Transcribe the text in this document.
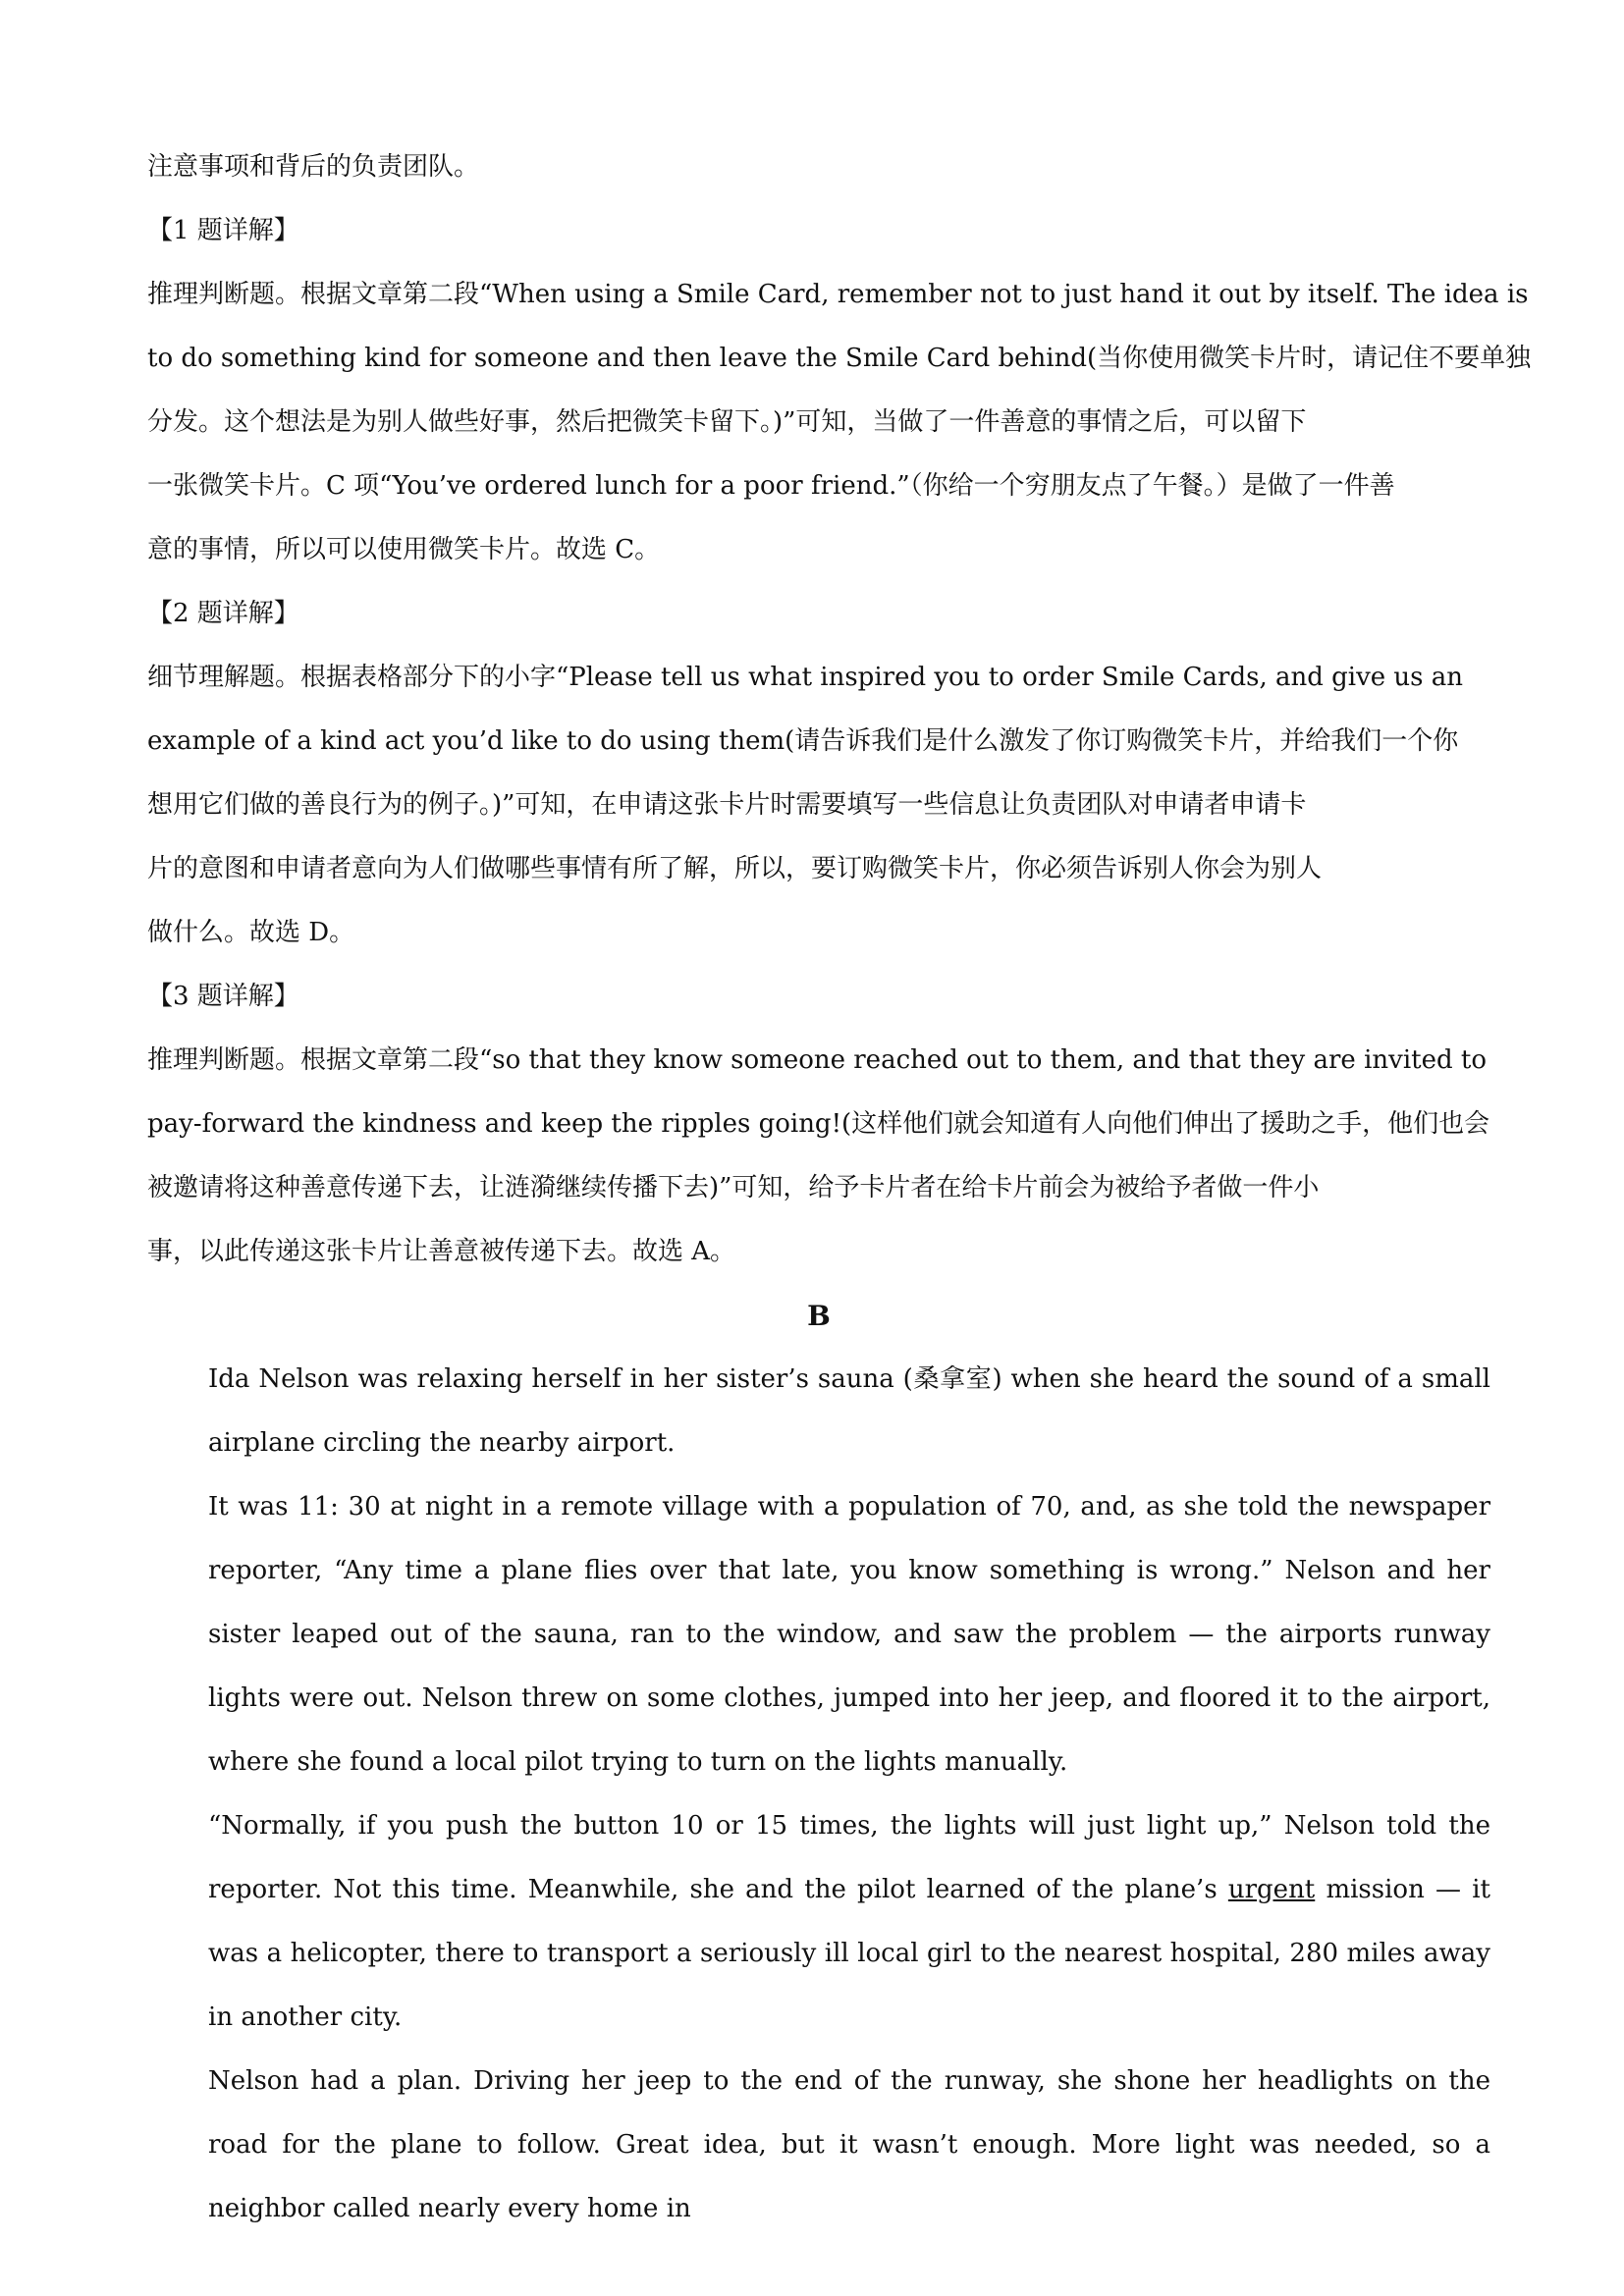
注意事项和背后的负责团队。

【1 题详解】

推理判断题。根据文章第二段“When using a Smile Card, remember not to just hand it out by itself. The idea is

to do something kind for someone and then leave the Smile Card behind(当你使用微笑卡片时，请记住不要单独

分发。这个想法是为别人做些好事，然后把微笑卡留下。)”可知，当做了一件善意的事情之后，可以留下

一张微笑卡片。C 项“You’ve ordered lunch for a poor friend.”（你给一个穷朋友点了午餐。）是做了一件善

意的事情，所以可以使用微笑卡片。故选 C。

【2 题详解】

细节理解题。根据表格部分下的小字“Please tell us what inspired you to order Smile Cards, and give us an

example of a kind act you’d like to do using them(请告诉我们是什么激发了你订购微笑卡片，并给我们一个你

想用它们做的善良行为的例子。)”可知，在申请这张卡片时需要填写一些信息让负责团队对申请者申请卡

片的意图和申请者意向为人们做哪些事情有所了解，所以，要订购微笑卡片，你必须告诉别人你会为别人

做什么。故选 D。

【3 题详解】

推理判断题。根据文章第二段“so that they know someone reached out to them, and that they are invited to

pay-forward the kindness and keep the ripples going!(这样他们就会知道有人向他们伸出了援助之手，他们也会

被邀请将这种善意传递下去，让涟漪继续传播下去)”可知，给予卡片者在给卡片前会为被给予者做一件小

事，以此传递这张卡片让善意被传递下去。故选 A。

B

Ida Nelson was relaxing herself in her sister’s sauna (桑拿室) when she heard the sound of a small airplane circling the nearby airport.

It was 11: 30 at night in a remote village with a population of 70, and, as she told the newspaper reporter, “Any time a plane flies over that late, you know something is wrong.” Nelson and her sister leaped out of the sauna, ran to the window, and saw the problem — the airports runway lights were out. Nelson threw on some clothes, jumped into her jeep, and floored it to the airport, where she found a local pilot trying to turn on the lights manually.

“Normally, if you push the button 10 or 15 times, the lights will just light up,” Nelson told the reporter. Not this time. Meanwhile, she and the pilot learned of the plane’s urgent mission — it was a helicopter, there to transport a seriously ill local girl to the nearest hospital, 280 miles away in another city.

Nelson had a plan. Driving her jeep to the end of the runway, she shone her headlights on the road for the plane to follow. Great idea, but it wasn’t enough. More light was needed, so a neighbor called nearly every home in
